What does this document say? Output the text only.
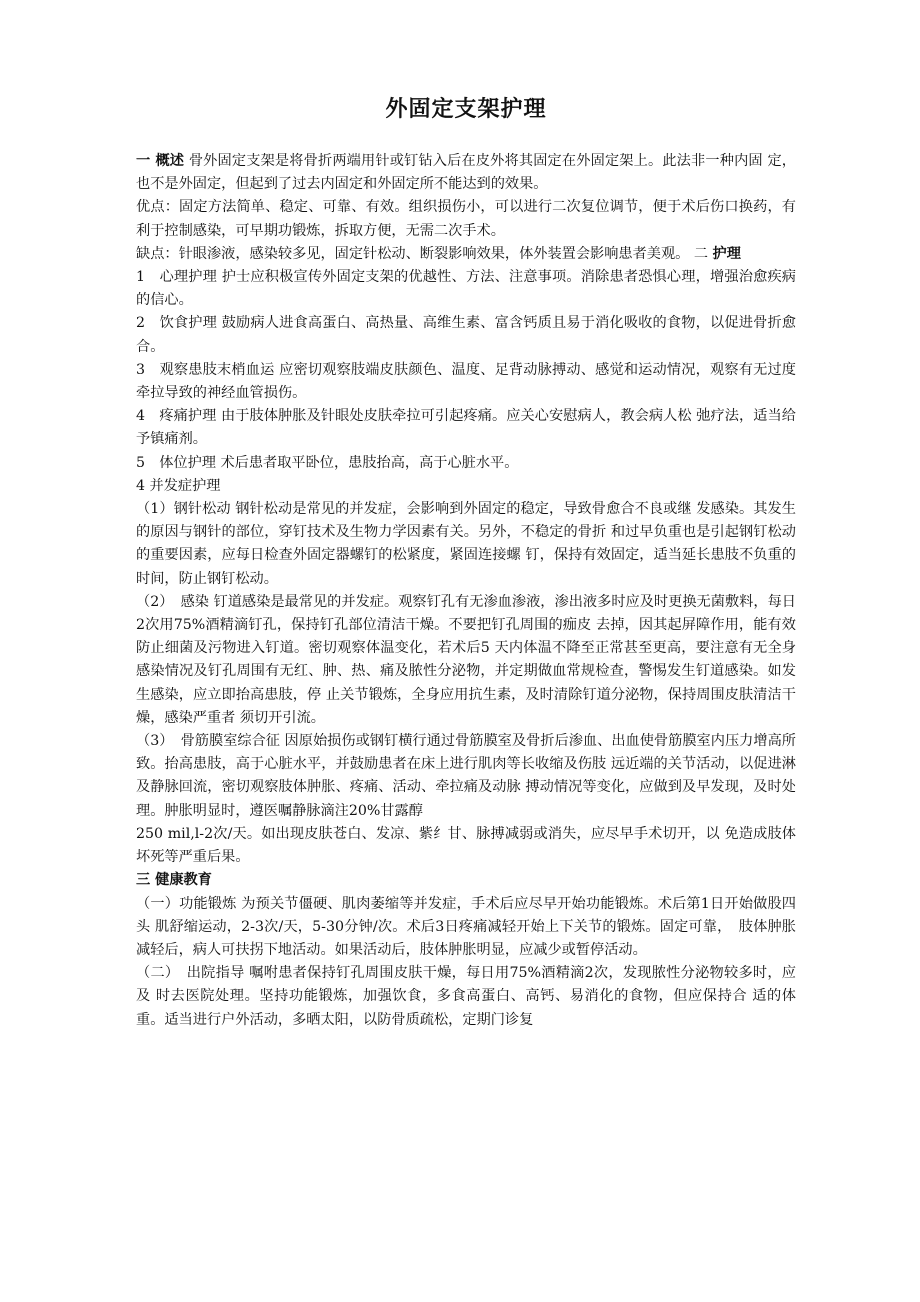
外固定支架护理

一 概述 骨外固定支架是将骨折两端用针或钉钻入后在皮外将其固定在外固定架上。此法非一种内固 定，也不是外固定，但起到了过去内固定和外固定所不能达到的效果。

优点：固定方法简单、稳定、可靠、有效。组织损伤小，可以进行二次复位调节，便于术后伤口换药，有利于控制感染，可早期功锻炼，拆取方便，无需二次手术。

缺点：针眼渗液，感染较多见，固定针松动、断裂影响效果，体外装置会影响患者美观。 二 护理

1　心理护理 护士应积极宣传外固定支架的优越性、方法、注意事项。消除患者恐惧心理，增强治愈疾病的信心。

2　饮食护理 鼓励病人进食高蛋白、高热量、高维生素、富含钙质且易于消化吸收的食物，以促进骨折愈合。

3　观察患肢末梢血运 应密切观察肢端皮肤颜色、温度、足背动脉搏动、感觉和运动情况，观察有无过度牵拉导致的神经血管损伤。

4　疼痛护理 由于肢体肿胀及针眼处皮肤牵拉可引起疼痛。应关心安慰病人，教会病人松 弛疗法，适当给予镇痛剂。

5　体位护理 术后患者取平卧位，患肢抬高，高于心脏水平。

4 并发症护理

（1）钢针松动 钢针松动是常见的并发症，会影响到外固定的稳定，导致骨愈合不良或继 发感染。其发生的原因与钢针的部位，穿钉技术及生物力学因素有关。另外，不稳定的骨折 和过早负重也是引起钢钉松动的重要因素，应每日检查外固定器螺钉的松紧度，紧固连接螺 钉，保持有效固定，适当延长患肢不负重的时间，防止钢钉松动。

（2）　感染 钉道感染是最常见的并发症。观察钉孔有无渗血渗液，渗出液多时应及时更换无菌敷料，每日2次用75%酒精滴钉孔，保持钉孔部位清洁干燥。不要把钉孔周围的痂皮 去掉，因其起屏障作用，能有效防止细菌及污物进入钉道。密切观察体温变化，若术后5 天内体温不降至正常甚至更高，要注意有无全身感染情况及钉孔周围有无红、肿、热、痛及脓性分泌物，并定期做血常规检查，警惕发生钉道感染。如发生感染，应立即抬高患肢，停 止关节锻炼，全身应用抗生素，及时清除钉道分泌物，保持周围皮肤清洁干燥，感染严重者 须切开引流。

（3）　骨筋膜室综合征 因原始损伤或钢钉横行通过骨筋膜室及骨折后渗血、出血使骨筋膜室内压力增高所致。抬高患肢，高于心脏水平，并鼓励患者在床上进行肌肉等长收缩及伤肢 远近端的关节活动，以促进淋及静脉回流，密切观察肢体肿胀、疼痛、活动、牵拉痛及动脉 搏动情况等变化，应做到及早发现，及时处理。肿胀明显时，遵医嘱静脉滴注20%甘露醇

250 mil,l-2次/天。如出现皮肤苍白、发凉、紫纟甘、脉搏减弱或消失，应尽早手术切开，以 免造成肢体坏死等严重后果。

三 健康教育

（一）功能锻炼 为预关节僵硬、肌肉萎缩等并发症，手术后应尽早开始功能锻炼。术后第1日开始做股四头 肌舒缩运动，2-3次/天，5-30分钟/次。术后3日疼痛减轻开始上下关节的锻炼。固定可靠，　肢体肿胀减轻后，病人可扶拐下地活动。如果活动后，肢体肿胀明显，应减少或暂停活动。

（二）　出院指导 嘱咐患者保持钉孔周围皮肤干燥，每日用75%酒精滴2次，发现脓性分泌物较多时，应及 时去医院处理。坚持功能锻炼，加强饮食，多食高蛋白、高钙、易消化的食物，但应保持合 适的体重。适当进行户外活动，多晒太阳，以防骨质疏松，定期门诊复
